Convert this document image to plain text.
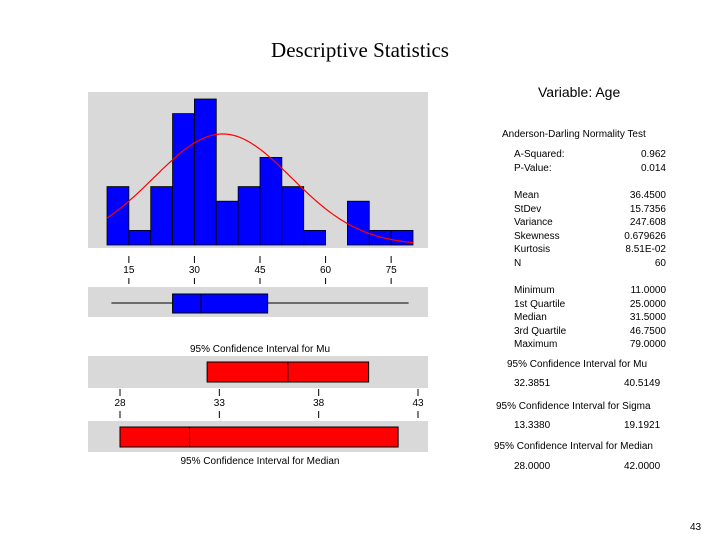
Descriptive Statistics
Variable: Age
15	30	45	60	75
28	33	38	43
95% Confidence Interval for Mu
95% Confidence Interval for Median
Anderson-Darling Normality Test
A-Squared:	0.962
P-Value:	0.014
Mean	36.4500
StDev	15.7356
Variance	247.608
Skewness	0.679626
Kurtosis	8.51E-02
N	60
Minimum	11.0000
1st Quartile	25.0000
Median	31.5000
3rd Quartile	46.7500
Maximum	79.0000
95% Confidence Interval for Mu
32.3851	40.5149
95% Confidence Interval for Sigma
13.3380	19.1921
95% Confidence Interval for Median
28.0000	42.0000
43
